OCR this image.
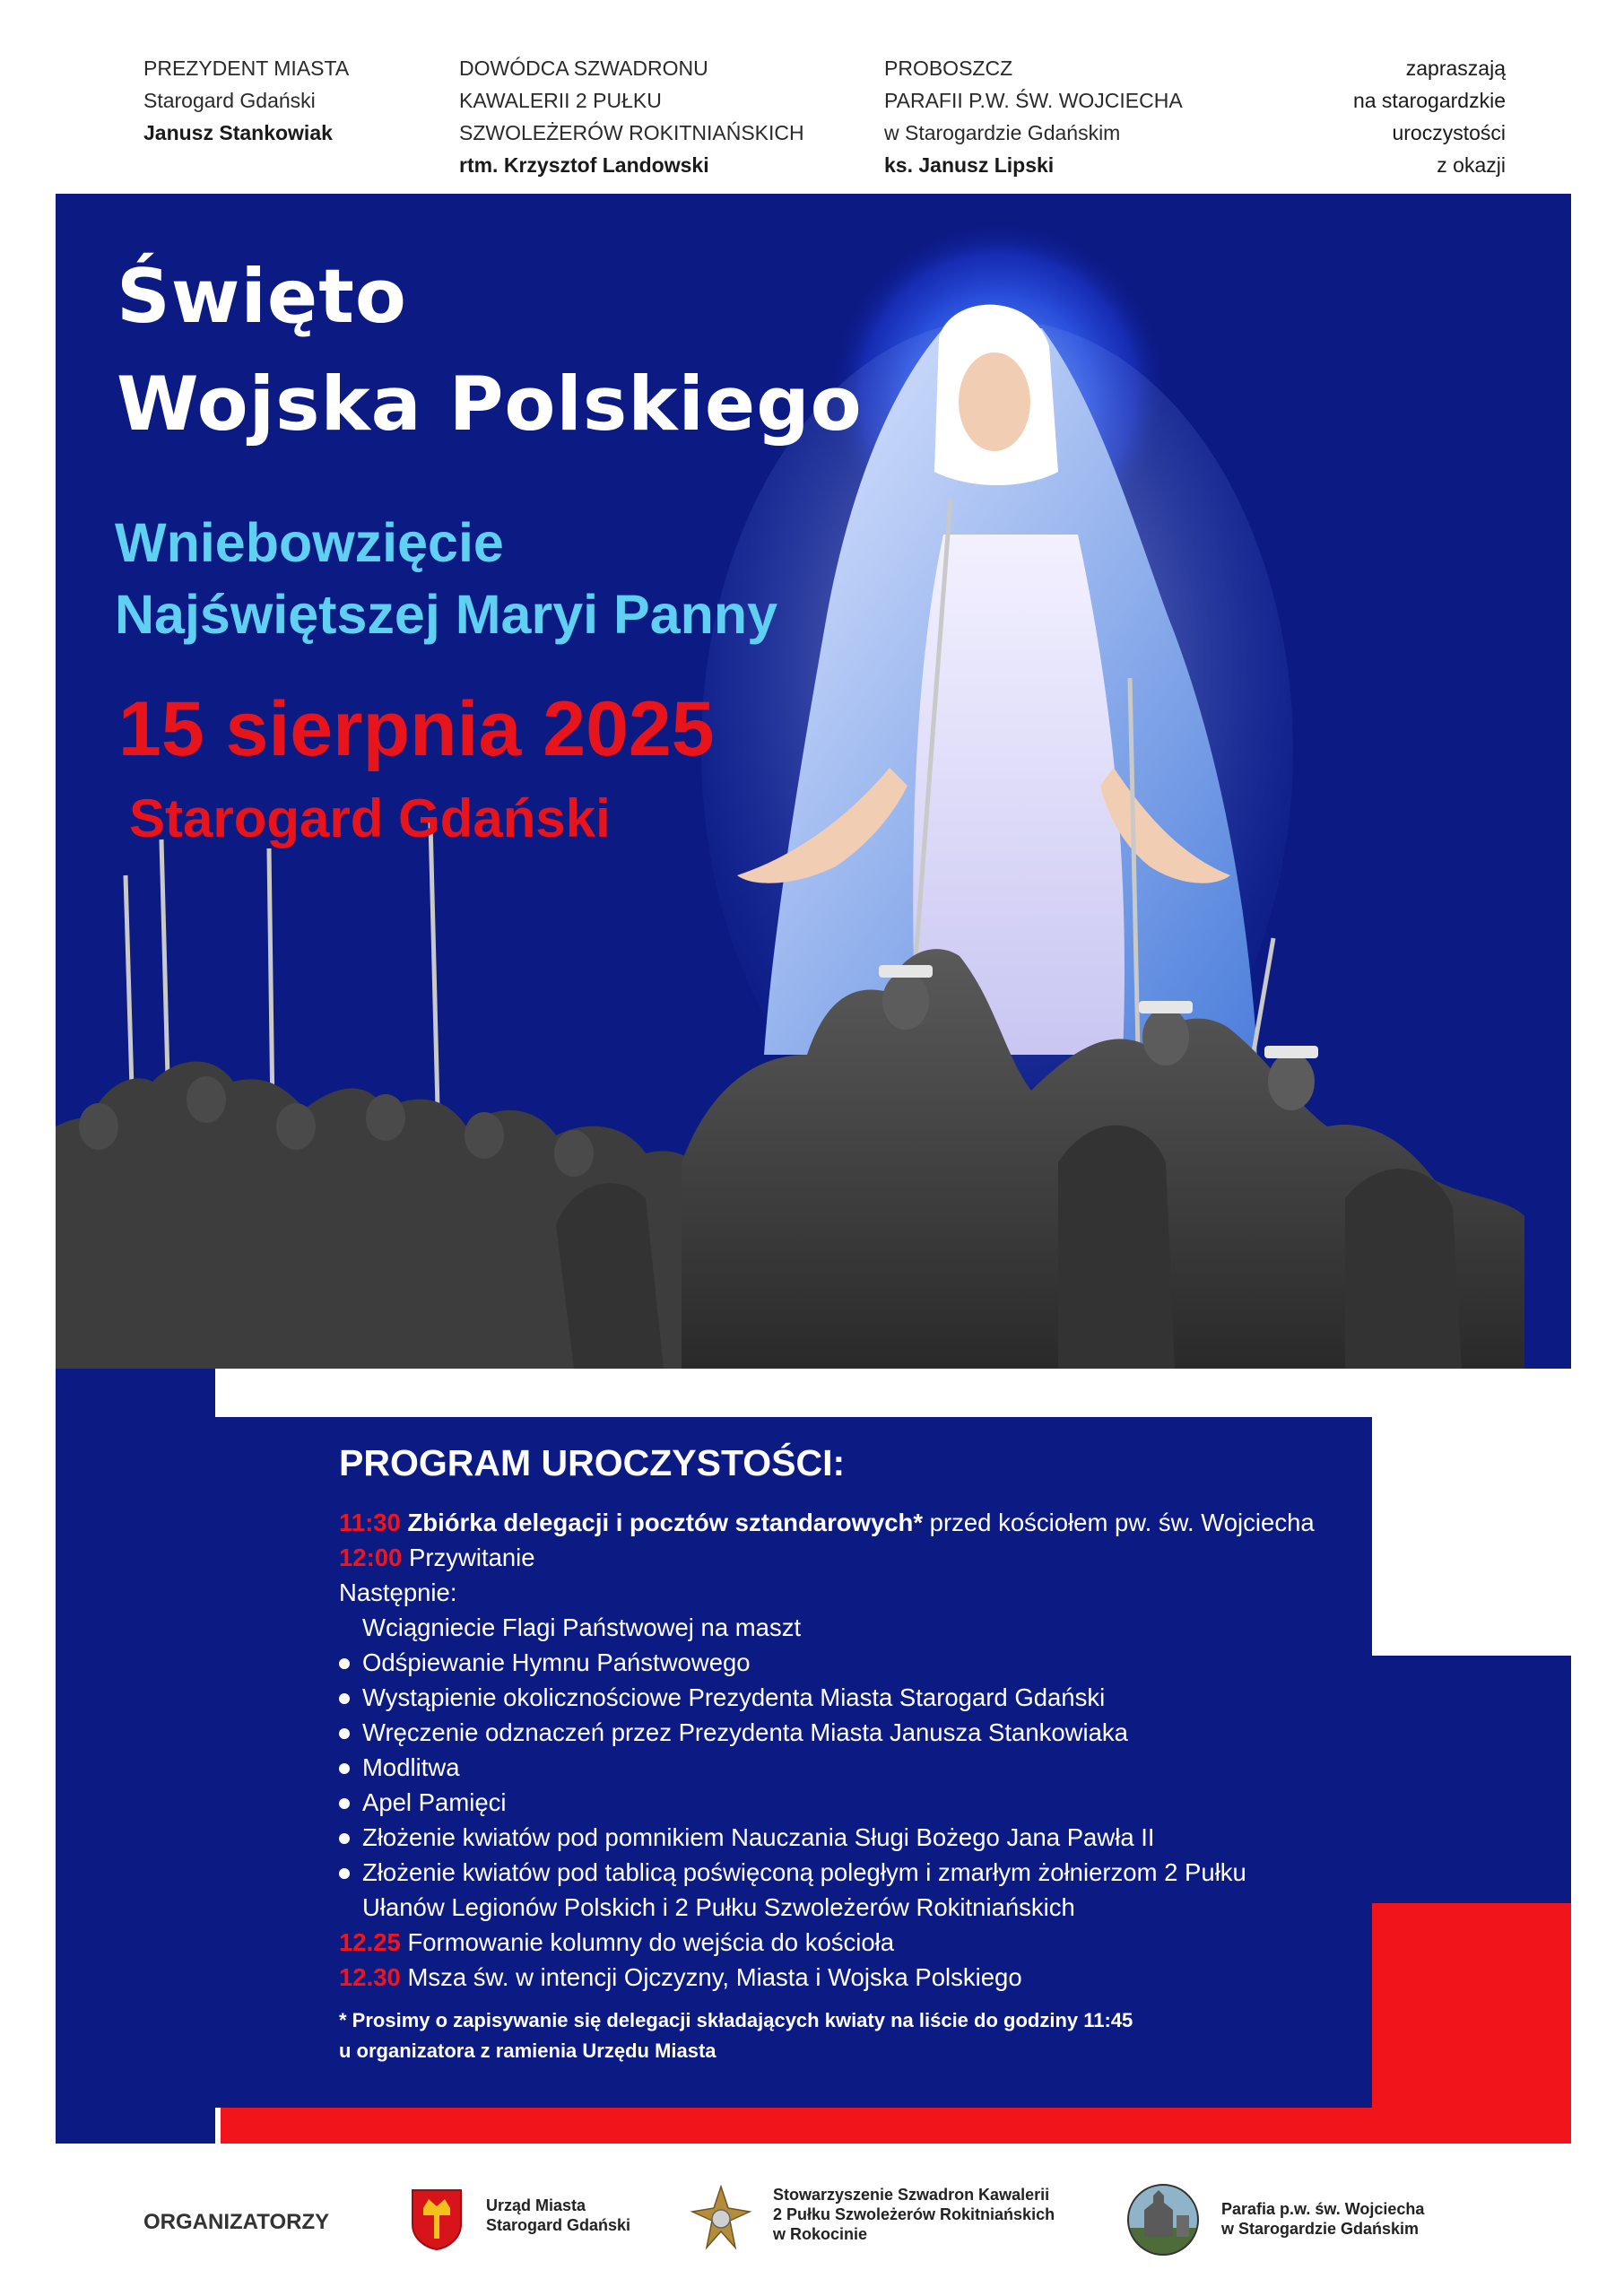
PREZYDENT MIASTA
Starogard Gdański
Janusz Stankowiak
DOWÓDCA SZWADRONU
KAWALERII 2 PUŁKU
SZWOLEŻERÓW ROKITNIAŃSKICH
rtm. Krzysztof Landowski
PROBOSZCZ
PARAFII P.W. ŚW. WOJCIECHA
w Starogardzie Gdańskim
ks. Janusz Lipski
zapraszają
na starogardzkie
uroczystości
z okazji
Święto
Wojska Polskiego
Wniebowzięcie
Najświętszej Maryi Panny
15 sierpnia 2025
Starogard Gdański
PROGRAM UROCZYSTOŚCI:
11:30 Zbiórka delegacji i pocztów sztandarowych* przed kościołem pw. św. Wojciecha
12:00 Przywitanie
Następnie:
Wciągniecie Flagi Państwowej na maszt
Odśpiewanie Hymnu Państwowego
Wystąpienie okolicznościowe Prezydenta Miasta Starogard Gdański
Wręczenie odznaczeń przez Prezydenta Miasta Janusza Stankowiaka
Modlitwa
Apel Pamięci
Złożenie kwiatów pod pomnikiem Nauczania Sługi Bożego Jana Pawła II
Złożenie kwiatów pod tablicą poświęconą poległym i zmarłym żołnierzom 2 Pułku
Ułanów Legionów Polskich i 2 Pułku Szwoleżerów Rokitniańskich
12.25 Formowanie kolumny do wejścia do kościoła
12.30 Msza św. w intencji Ojczyzny, Miasta i Wojska Polskiego
* Prosimy o zapisywanie się delegacji składających kwiaty na liście do godziny 11:45
u organizatora z ramienia Urzędu Miasta
ORGANIZATORZY
Urząd Miasta
Starogard Gdański
Stowarzyszenie Szwadron Kawalerii
2 Pułku Szwoleżerów Rokitniańskich
w Rokocinie
Parafia p.w. św. Wojciecha
w Starogardzie Gdańskim
